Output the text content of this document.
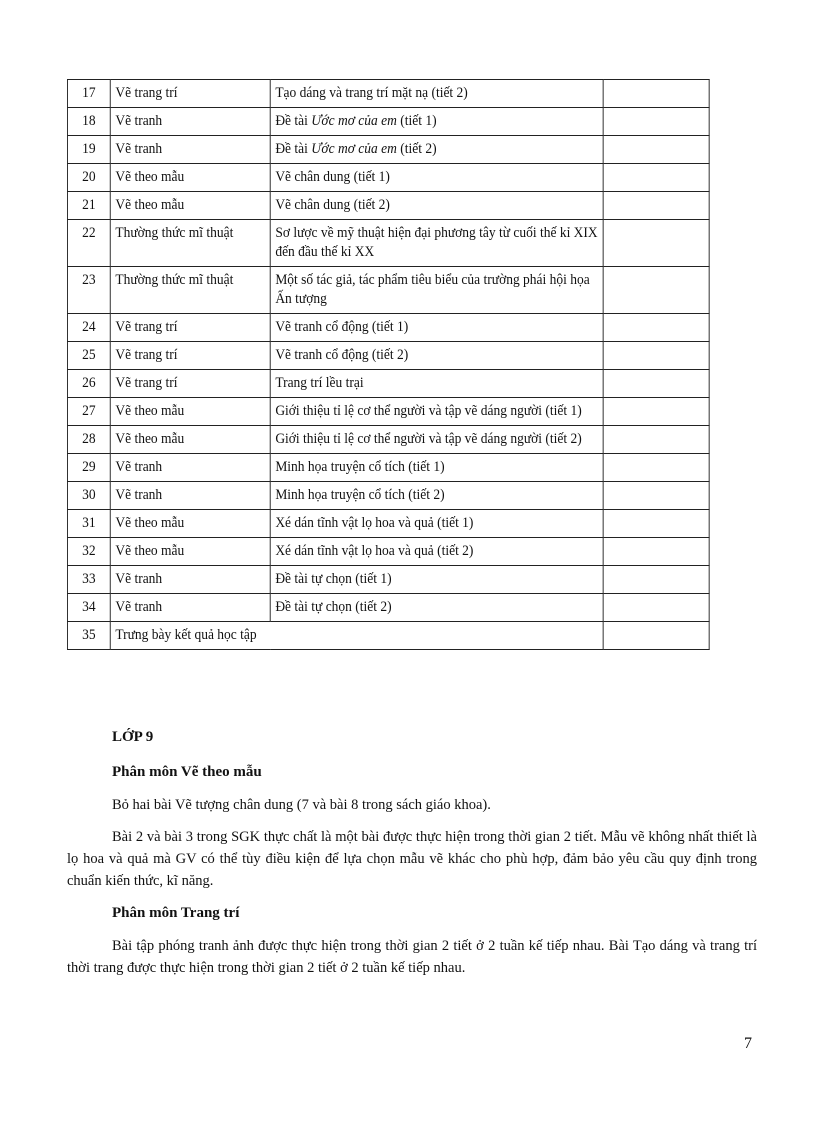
17	Vẽ trang trí	Tạo dáng và trang trí mặt nạ (tiết 2)	
18	Vẽ tranh	Đề tài Ước mơ của em (tiết 1)	
19	Vẽ tranh	Đề tài Ước mơ của em (tiết 2)	
20	Vẽ theo mẫu	Vẽ chân dung (tiết 1)	
21	Vẽ theo mẫu	Vẽ chân dung (tiết 2)	
22	Thường thức mĩ thuật	Sơ lược về mỹ thuật hiện đại phương tây từ cuối thế kỉ XIX đến đầu thế kỉ XX	
23	Thường thức mĩ thuật	Một số tác giả, tác phẩm tiêu biểu của trường phái hội họa Ấn tượng	
24	Vẽ trang trí	Vẽ tranh cổ động (tiết 1)	
25	Vẽ trang trí	Vẽ tranh cổ động (tiết 2)	
26	Vẽ trang trí	Trang trí lều trại	
27	Vẽ theo mẫu	Giới thiệu tỉ lệ cơ thể người và tập vẽ dáng người (tiết 1)	
28	Vẽ theo mẫu	Giới thiệu tỉ lệ cơ thể người và tập vẽ dáng người (tiết 2)	
29	Vẽ tranh	Minh họa truyện cổ tích (tiết 1)	
30	Vẽ tranh	Minh họa truyện cổ tích (tiết 2)	
31	Vẽ theo mẫu	Xé dán tĩnh vật lọ hoa và quả (tiết 1)	
32	Vẽ theo mẫu	Xé dán tĩnh vật lọ hoa và quả (tiết 2)	
33	Vẽ tranh	Đề tài tự chọn (tiết 1)	
34	Vẽ tranh	Đề tài tự chọn (tiết 2)	
35	Trưng bày kết quả học tập		
LỚP 9
Phân môn Vẽ theo mẫu

Bỏ hai bài Vẽ tượng chân dung (7 và bài 8 trong sách giáo khoa).

Bài 2 và bài 3 trong SGK thực chất là một bài được thực hiện trong thời gian 2 tiết. Mẫu vẽ không nhất thiết là lọ hoa và quả mà GV có thể tùy điều kiện để lựa chọn mẫu vẽ khác cho phù hợp, đảm bảo yêu cầu quy định trong chuẩn kiến thức, kĩ năng.

Phân môn Trang trí

Bài tập phóng tranh ảnh được thực hiện trong thời gian 2 tiết ở 2 tuần kế tiếp nhau. Bài Tạo dáng và trang trí thời trang được thực hiện trong thời gian 2 tiết ở 2 tuần kế tiếp nhau.

7
